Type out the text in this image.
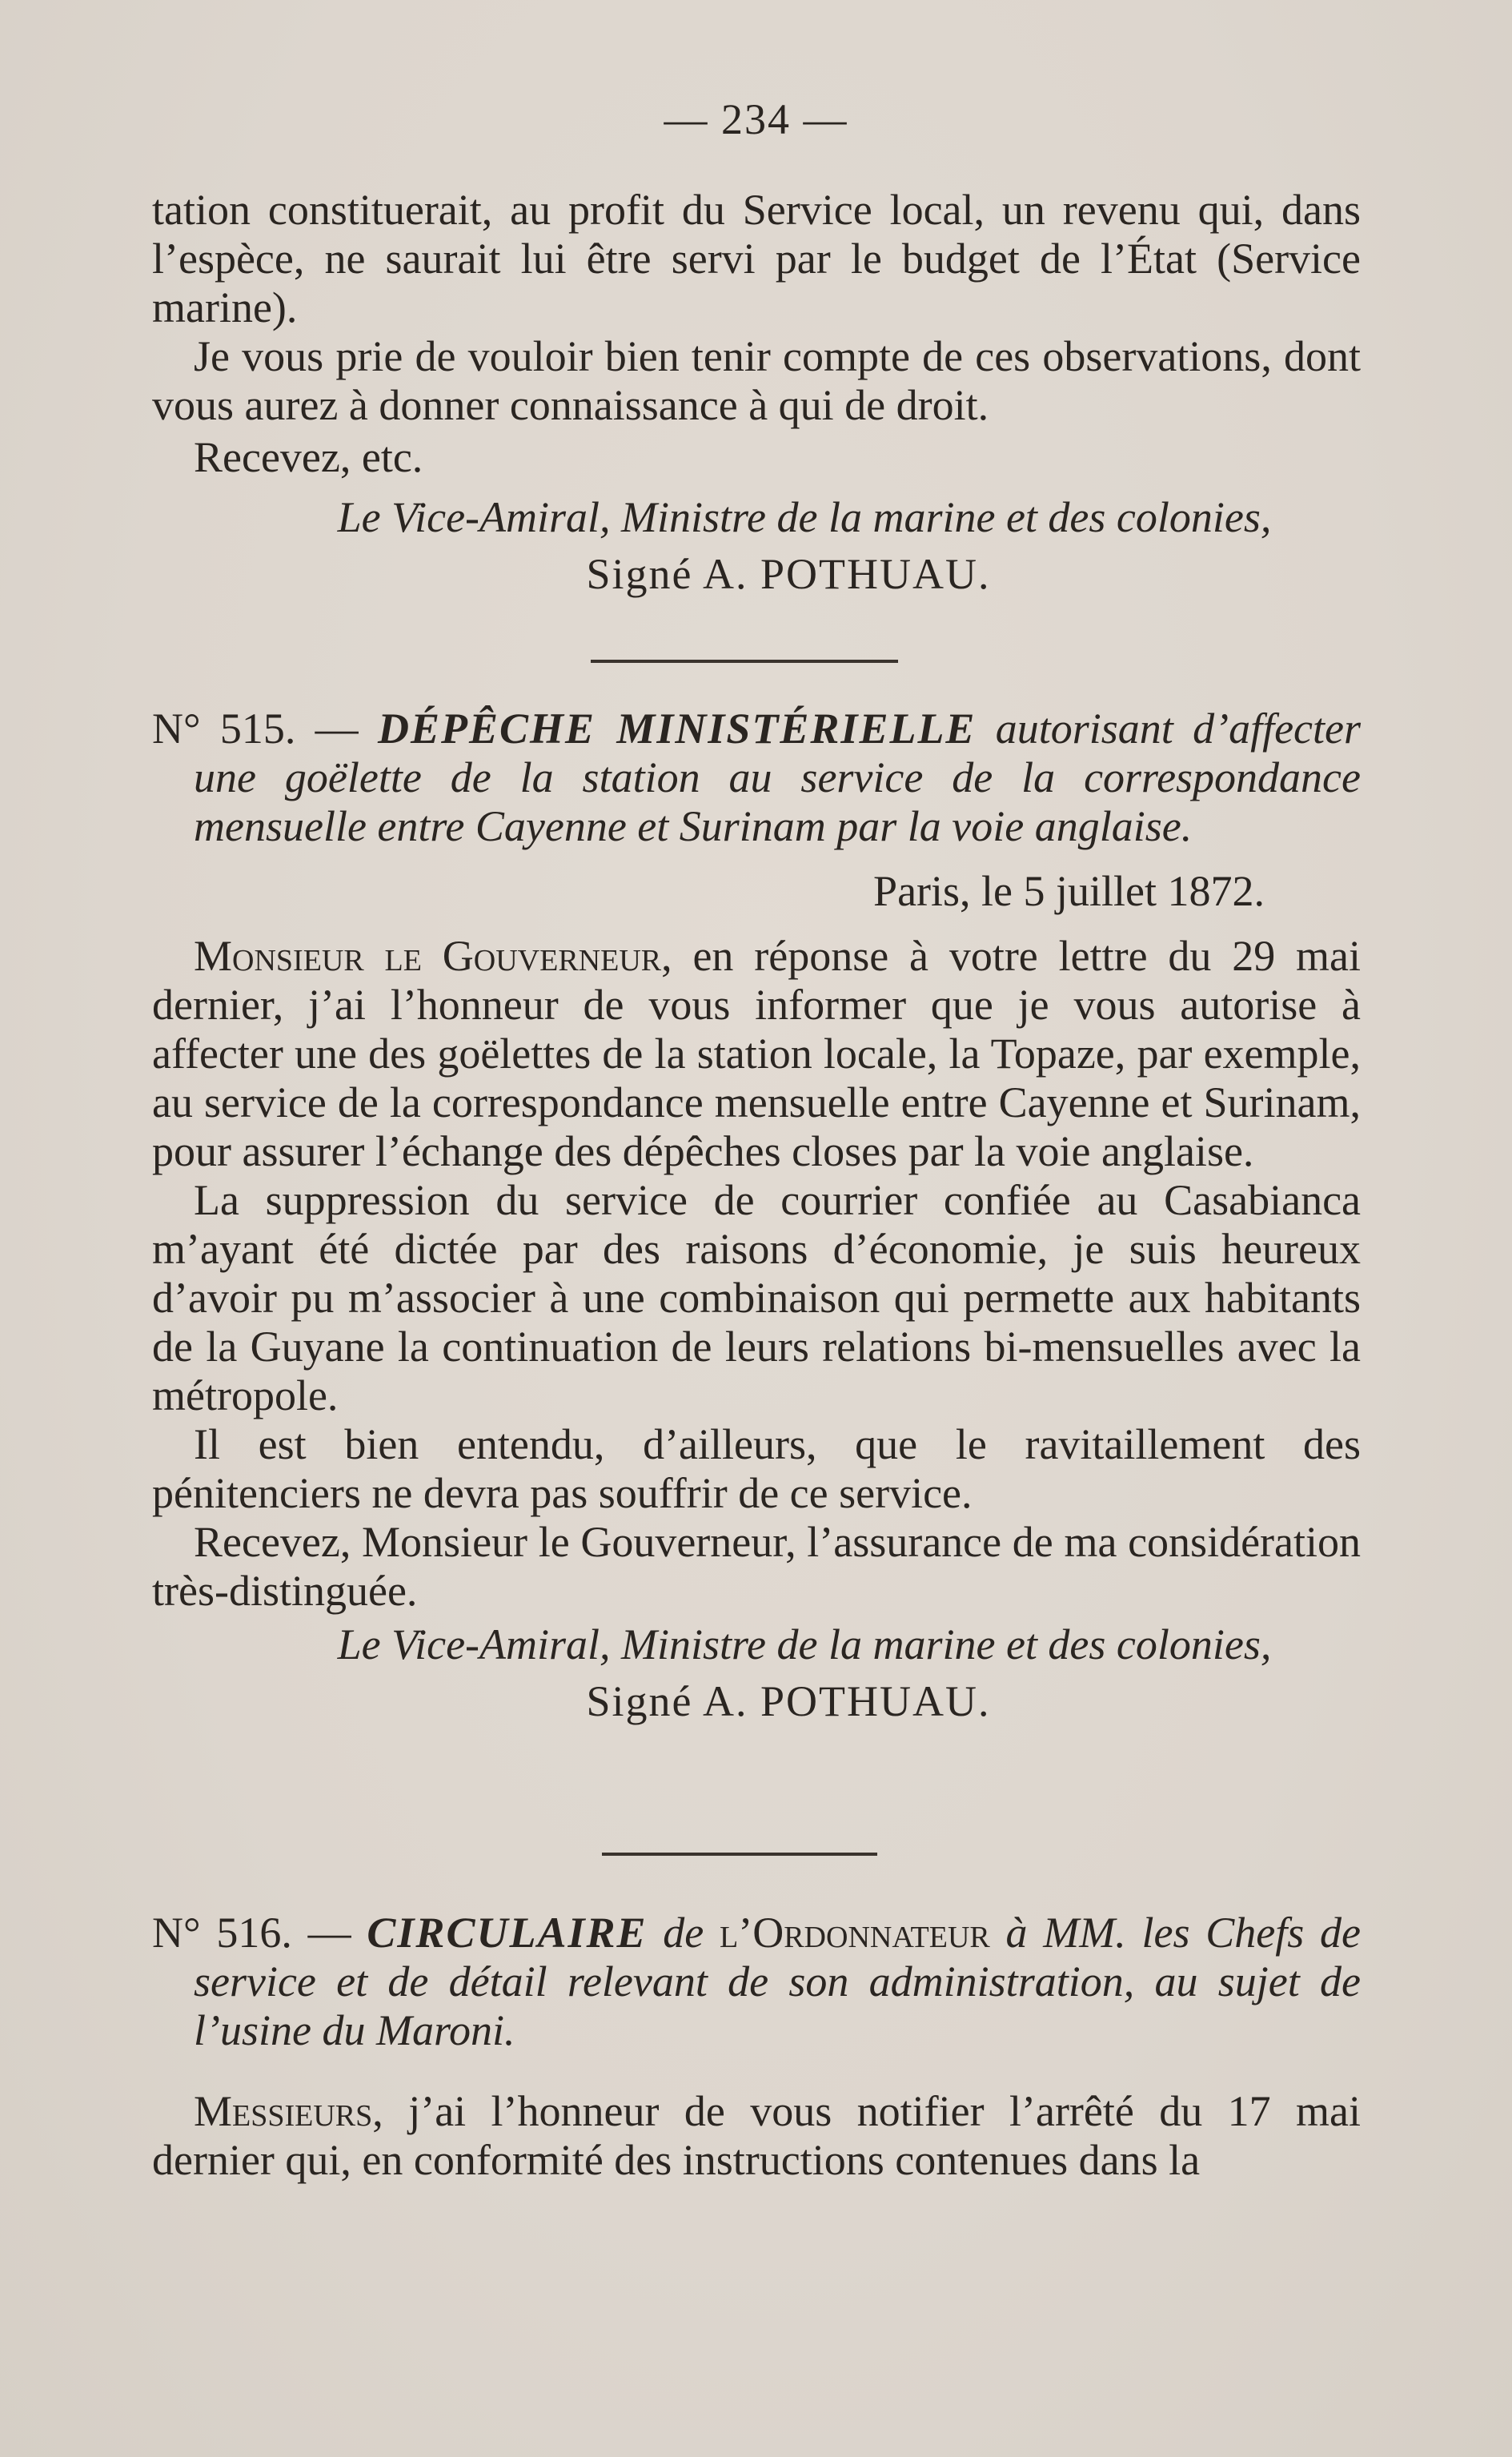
— 234 —

tation constituerait, au profit du Service local, un revenu qui, dans l’espèce, ne saurait lui être servi par le budget de l’État (Service marine).

Je vous prie de vouloir bien tenir compte de ces observations, dont vous aurez à donner connaissance à qui de droit.

Recevez, etc.

Le Vice-Amiral, Ministre de la marine et des colonies,

Signé A. POTHUAU.

N° 515. — DÉPÊCHE MINISTÉRIELLE autorisant d’affecter une goëlette de la station au service de la correspondance mensuelle entre Cayenne et Surinam par la voie anglaise.

Paris, le 5 juillet 1872.

Monsieur le Gouverneur, en réponse à votre lettre du 29 mai dernier, j’ai l’honneur de vous informer que je vous autorise à affecter une des goëlettes de la station locale, la Topaze, par exemple, au service de la correspondance mensuelle entre Cayenne et Surinam, pour assurer l’échange des dépêches closes par la voie anglaise.

La suppression du service de courrier confiée au Casabianca m’ayant été dictée par des raisons d’économie, je suis heureux d’avoir pu m’associer à une combinaison qui permette aux habitants de la Guyane la continuation de leurs relations bi-mensuelles avec la métropole.

Il est bien entendu, d’ailleurs, que le ravitaillement des pénitenciers ne devra pas souffrir de ce service.

Recevez, Monsieur le Gouverneur, l’assurance de ma considération très-distinguée.

Le Vice-Amiral, Ministre de la marine et des colonies,

Signé A. POTHUAU.

N° 516. — CIRCULAIRE de l’Ordonnateur à MM. les Chefs de service et de détail relevant de son administration, au sujet de l’usine du Maroni.

Messieurs, j’ai l’honneur de vous notifier l’arrêté du 17 mai dernier qui, en conformité des instructions contenues dans la
